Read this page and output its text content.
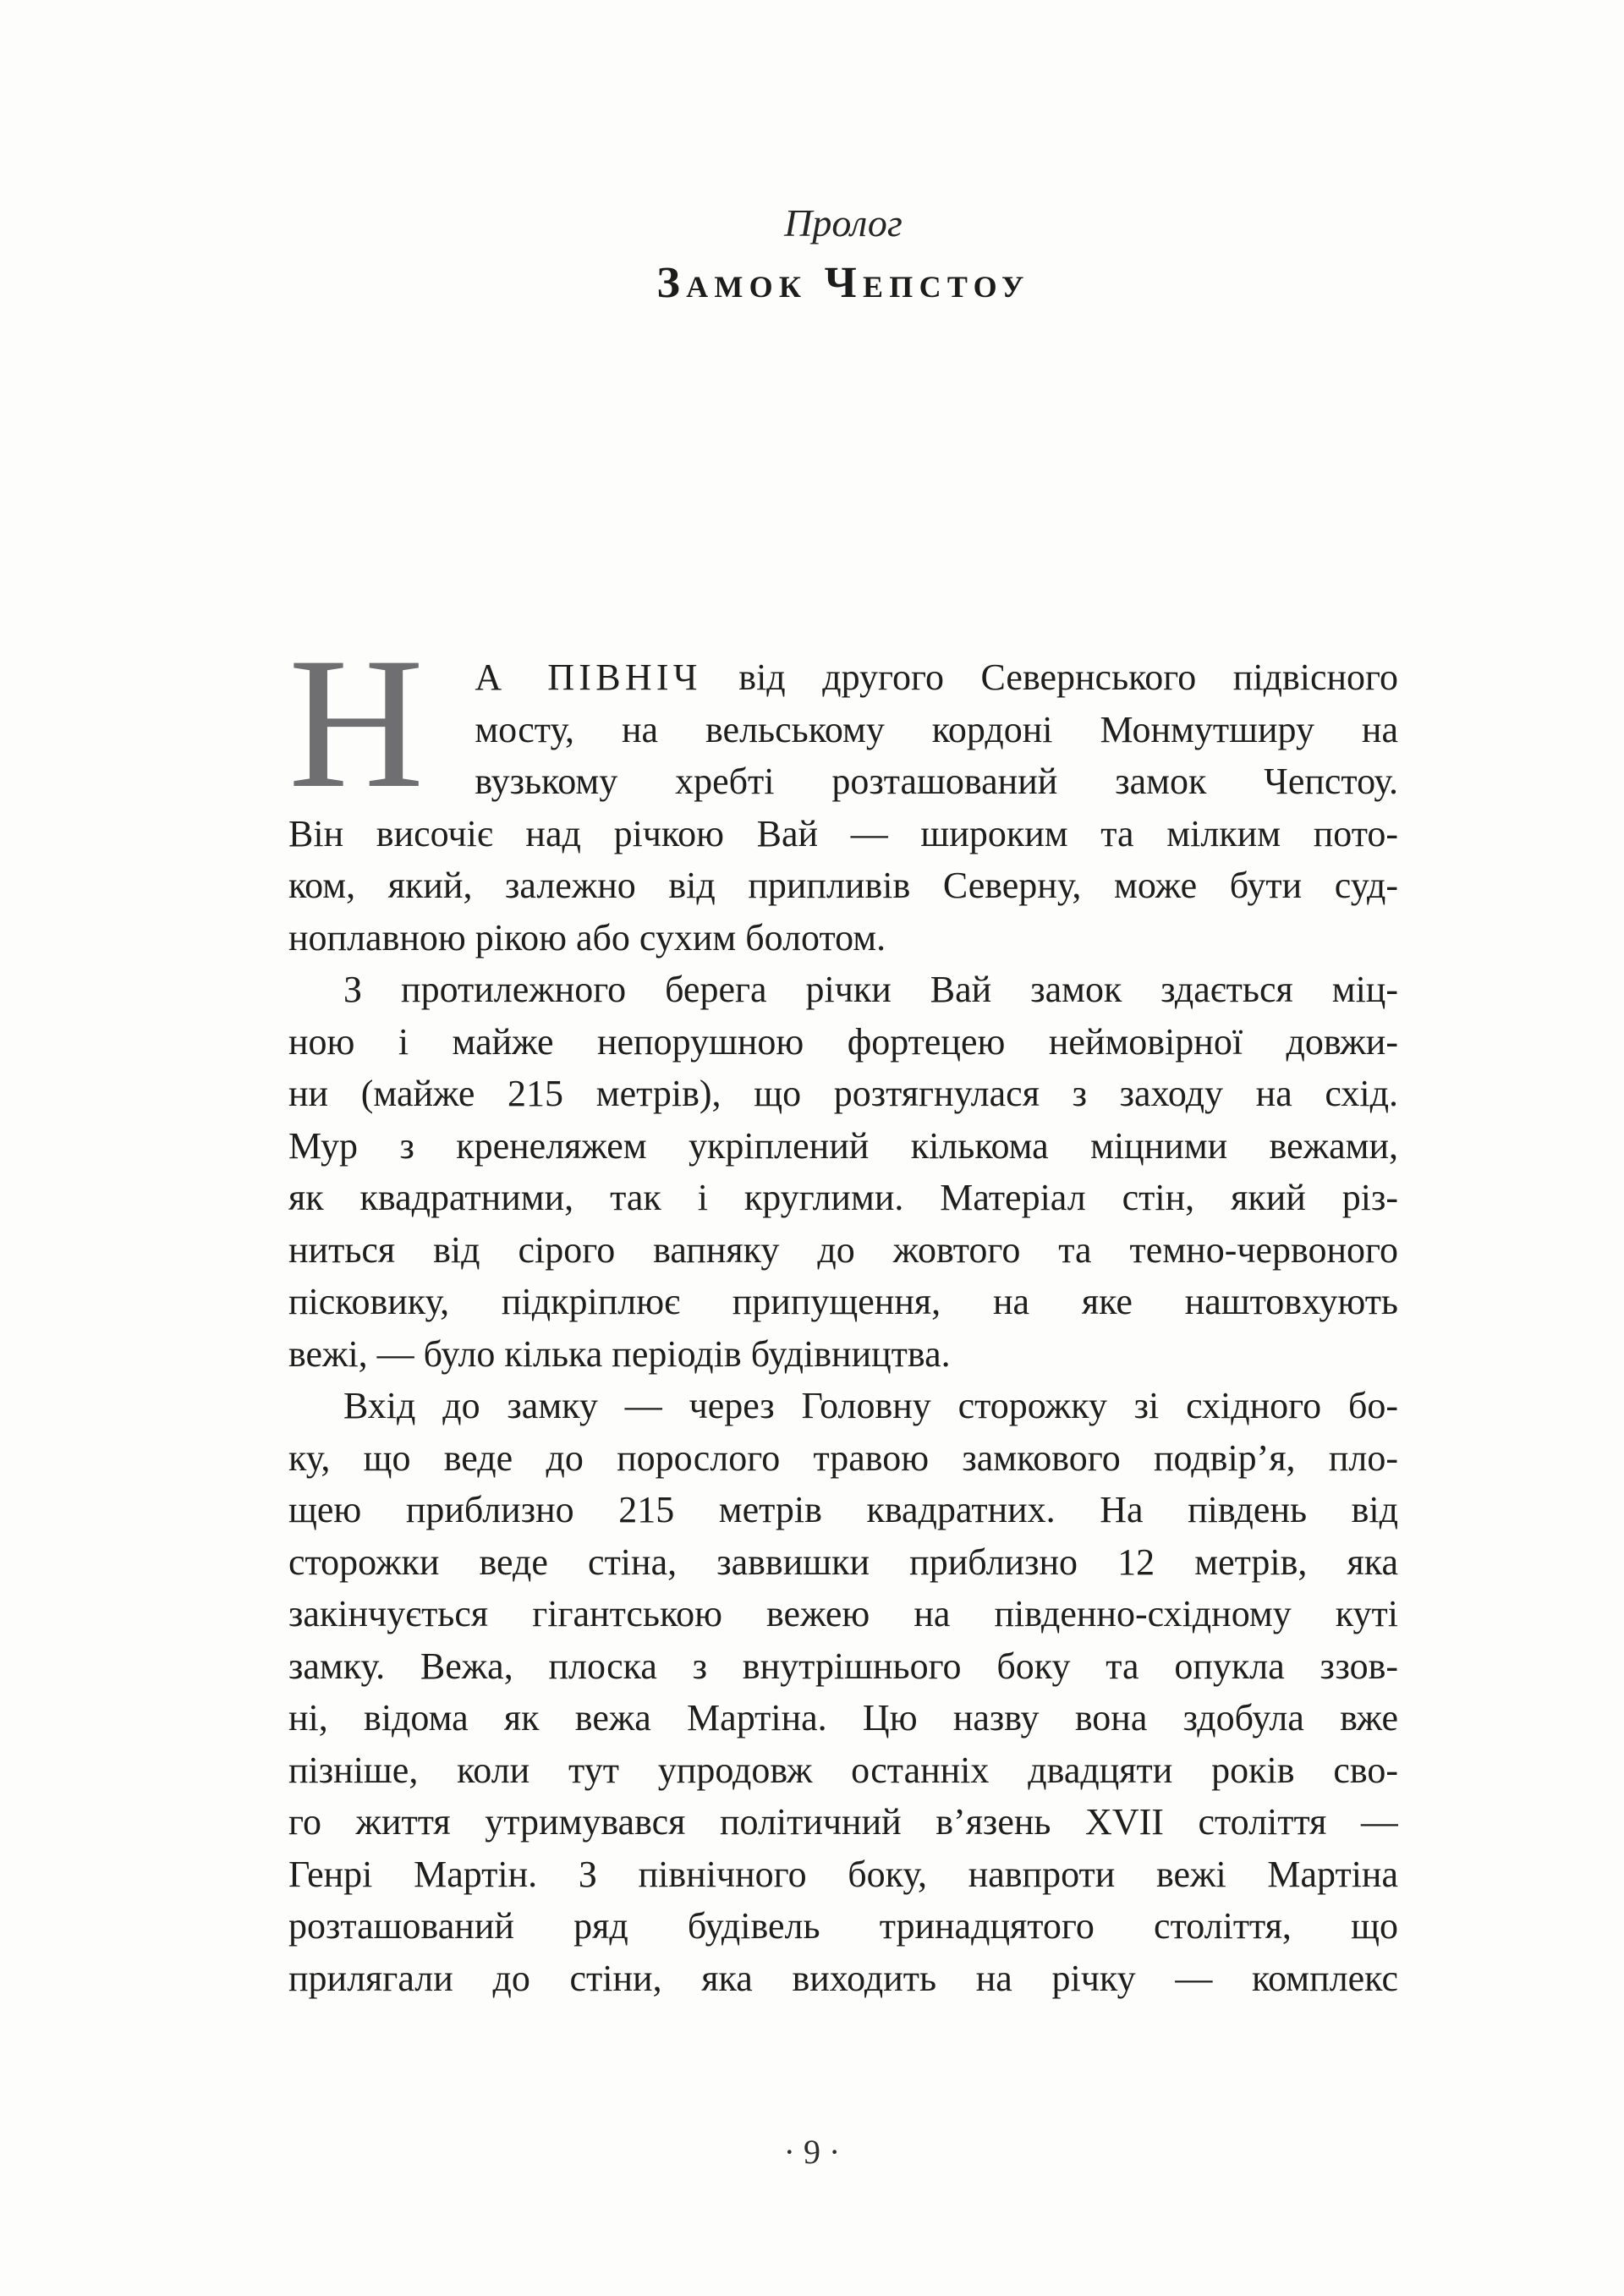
Пролог
Замок Чепстоу
Н А ПІВНІЧ від другого Севернського підвісного
мосту, на вельському кордоні Монмутширу на
вузькому хребті розташований замок Чепстоу.
Він височіє над річкою Вай — широким та мілким пото-
ком, який, залежно від припливів Северну, може бути суд-
ноплавною рікою або сухим болотом.
З протилежного берега річки Вай замок здається міц-
ною і майже непорушною фортецею неймовірної довжи-
ни (майже 215 метрів), що розтягнулася з заходу на схід.
Мур з кренеляжем укріплений кількома міцними вежами,
як квадратними, так і круглими. Матеріал стін, який різ-
ниться від сірого вапняку до жовтого та темно-червоного
пісковику, підкріплює припущення, на яке наштовхують
вежі, — було кілька періодів будівництва.
Вхід до замку — через Головну сторожку зі східного бо-
ку, що веде до порослого травою замкового подвір’я, пло-
щею приблизно 215 метрів квадратних. На південь від
сторожки веде стіна, заввишки приблизно 12 метрів, яка
закінчується гігантською вежею на південно-східному куті
замку. Вежа, плоска з внутрішнього боку та опукла ззов-
ні, відома як вежа Мартіна. Цю назву вона здобула вже
пізніше, коли тут упродовж останніх двадцяти років сво-
го життя утримувався політичний в’язень XVII століття —
Генрі Мартін. З північного боку, навпроти вежі Мартіна
розташований ряд будівель тринадцятого століття, що
прилягали до стіни, яка виходить на річку — комплекс
· 9 ·
